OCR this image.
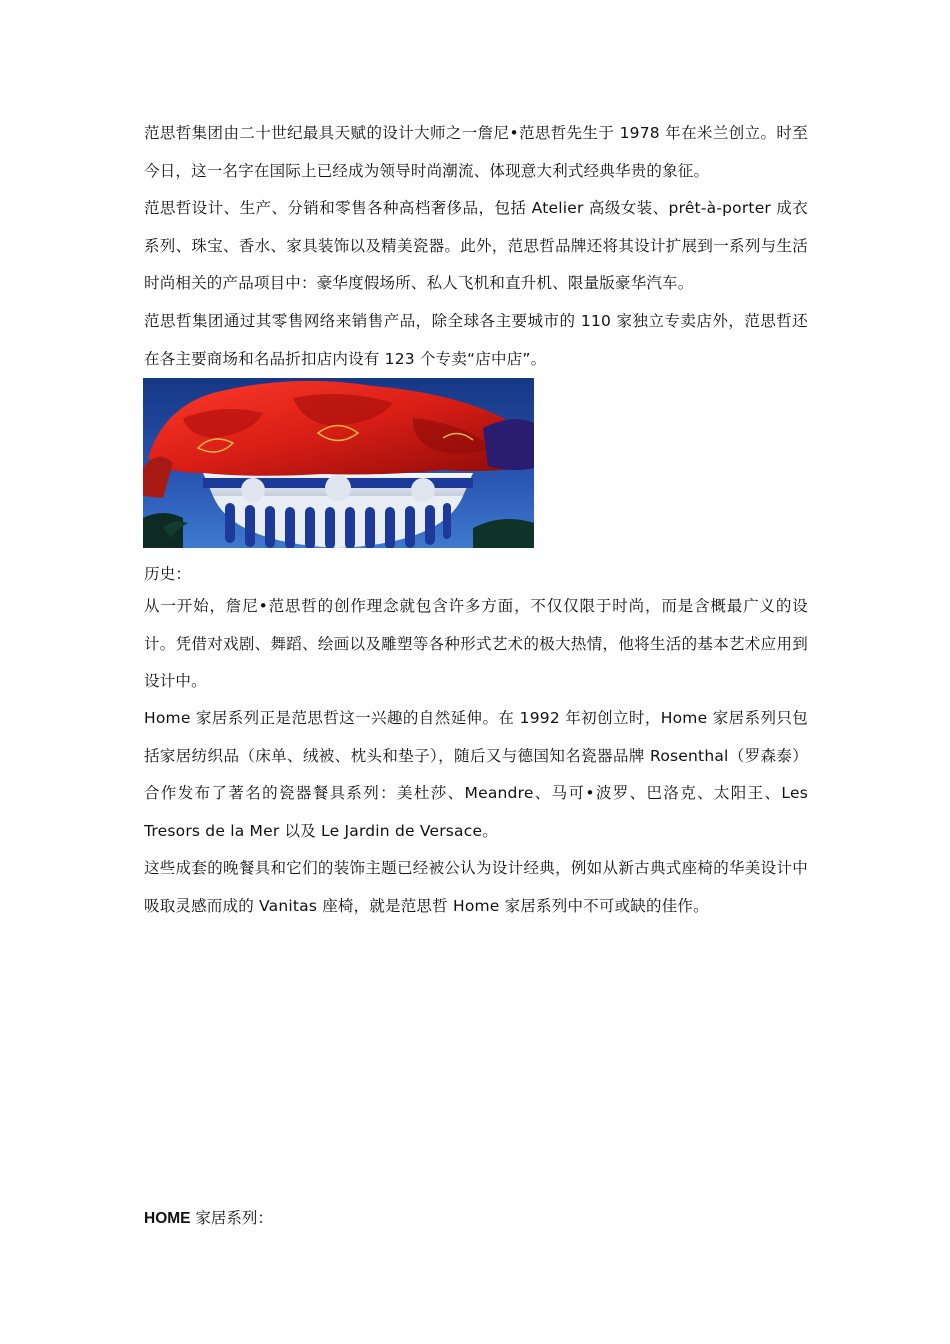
范思哲集团由二十世纪最具天赋的设计大师之一詹尼•范思哲先生于 1978 年在米兰创立。时至今日，这一名字在国际上已经成为领导时尚潮流、体现意大利式经典华贵的象征。
范思哲设计、生产、分销和零售各种高档奢侈品，包括 Atelier 高级女装、prêt-à-porter 成衣系列、珠宝、香水、家具装饰以及精美瓷器。此外，范思哲品牌还将其设计扩展到一系列与生活时尚相关的产品项目中：豪华度假场所、私人飞机和直升机、限量版豪华汽车。
范思哲集团通过其零售网络来销售产品，除全球各主要城市的 110 家独立专卖店外，范思哲还在各主要商场和名品折扣店内设有 123 个专卖“店中店”。
历史：
从一开始，詹尼•范思哲的创作理念就包含许多方面，不仅仅限于时尚，而是含概最广义的设计。凭借对戏剧、舞蹈、绘画以及雕塑等各种形式艺术的极大热情，他将生活的基本艺术应用到设计中。
Home 家居系列正是范思哲这一兴趣的自然延伸。在 1992 年初创立时，Home 家居系列只包括家居纺织品（床单、绒被、枕头和垫子），随后又与德国知名瓷器品牌 Rosenthal（罗森泰）合作发布了著名的瓷器餐具系列：美杜莎、Meandre、马可•波罗、巴洛克、太阳王、Les Tresors de la Mer 以及 Le Jardin de Versace。
这些成套的晚餐具和它们的装饰主题已经被公认为设计经典，例如从新古典式座椅的华美设计中吸取灵感而成的 Vanitas 座椅，就是范思哲 Home 家居系列中不可或缺的佳作。
HOME 家居系列：
